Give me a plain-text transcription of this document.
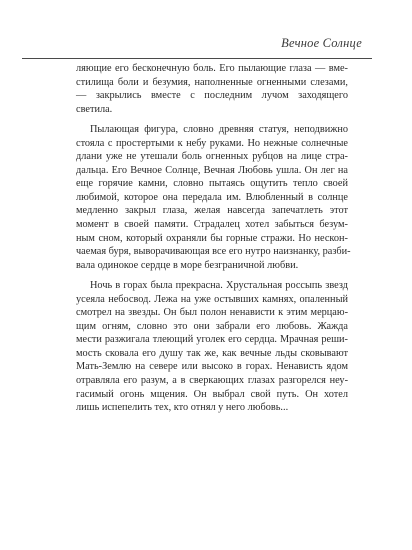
Вечное Солнце

ляющие его бесконечную боль. Его пылающие глаза — вме-
стилища боли и безумия, наполненные огненными слезами,
— закрылись вместе с последним лучом заходящего
светила.

Пылающая фигура, словно древняя статуя, неподвижно
стояла с простертыми к небу руками. Но нежные солнечные
длани уже не утешали боль огненных рубцов на лице стра-
дальца. Его Вечное Солнце, Вечная Любовь ушла. Он лег на
еще горячие камни, словно пытаясь ощутить тепло своей
любимой, которое она передала им. Влюбленный в солнце
медленно закрыл глаза, желая навсегда запечатлеть этот
момент в своей памяти. Страдалец хотел забыться безум-
ным сном, который охраняли бы горные стражи. Но нескон-
чаемая буря, выворачивающая все его нутро наизнанку, разби-
вала одинокое сердце в море безграничной любви.

Ночь в горах была прекрасна. Хрустальная россыпь звезд
усеяла небосвод. Лежа на уже остывших камнях, опаленный
смотрел на звезды. Он был полон ненависти к этим мерцаю-
щим огням, словно это они забрали его любовь. Жажда
мести разжигала тлеющий уголек его сердца. Мрачная реши-
мость сковала его душу так же, как вечные льды сковывают
Мать-Землю на севере или высоко в горах. Ненависть ядом
отравляла его разум, а в сверкающих глазах разгорелся неу-
гасимый огонь мщения. Он выбрал свой путь. Он хотел
лишь испепелить тех, кто отнял у него любовь...
